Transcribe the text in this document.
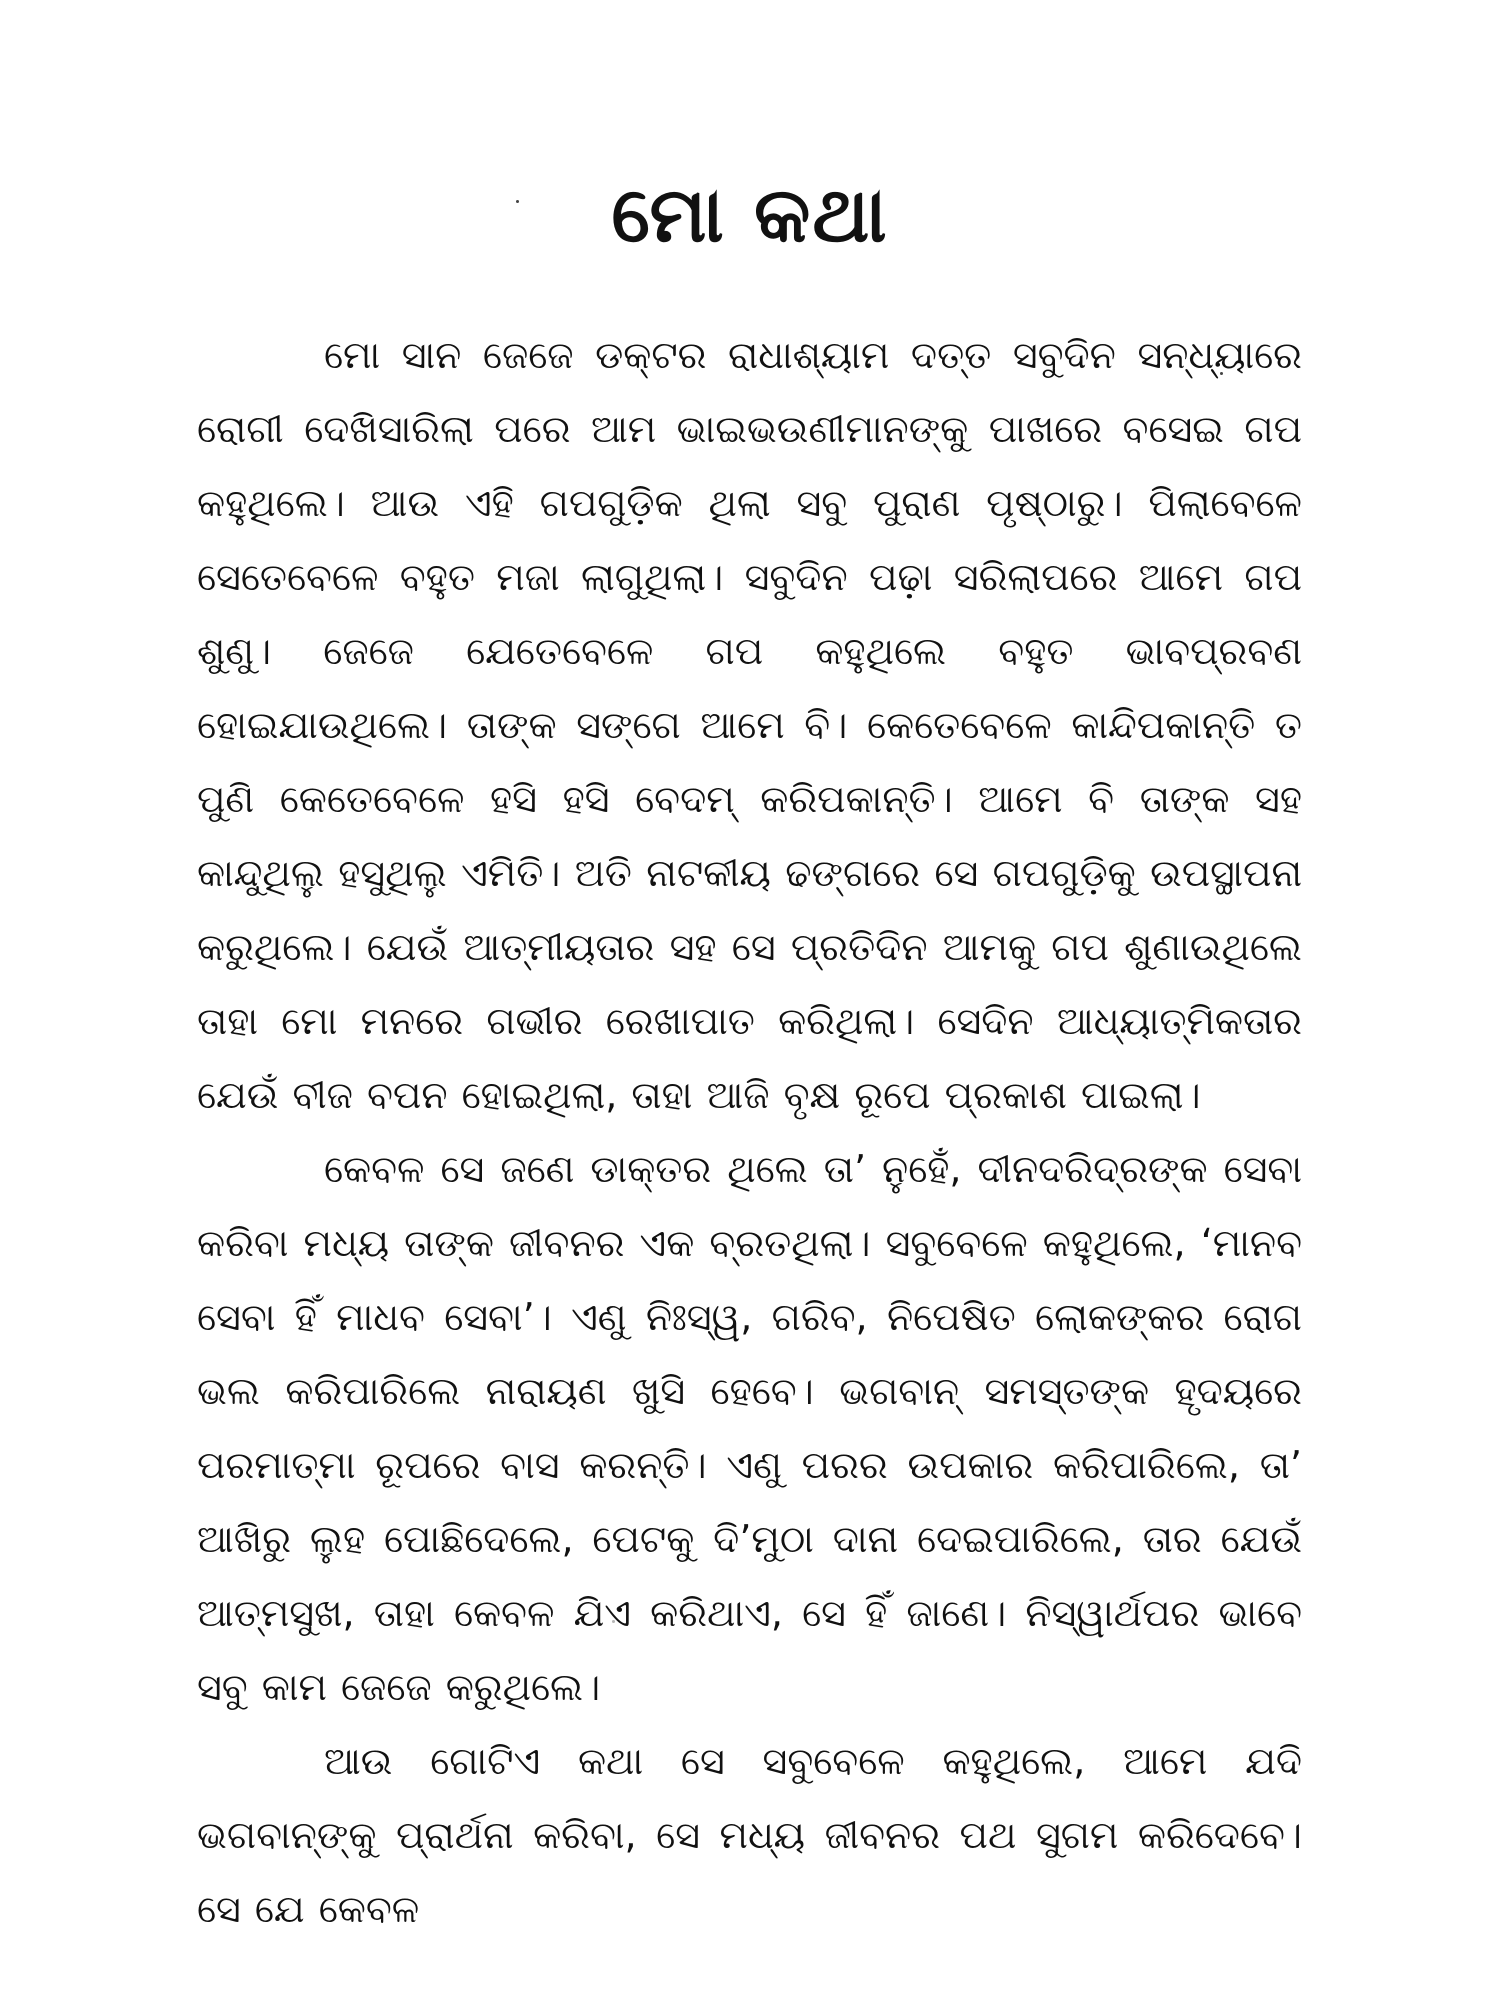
ମୋ କଥା

ମୋ ସାନ ଜେଜେ ଡକ୍ଟର ରାଧାଶ୍ୟାମ ଦତ୍ତ ସବୁଦିନ ସନ୍ଧ୍ୟାରେ ରୋଗୀ ଦେଖିସାରିଲା ପରେ ଆମ ଭାଇଭଉଣୀମାନଙ୍କୁ ପାଖରେ ବସେଇ ଗପ କହୁଥିଲେ। ଆଉ ଏହି ଗପଗୁଡ଼ିକ ଥିଲା ସବୁ ପୁରାଣ ପୃଷ୍ଠାରୁ। ପିଲାବେଳେ ସେତେବେଳେ ବହୁତ ମଜା ଲାଗୁଥିଲା। ସବୁଦିନ ପଢ଼ା ସରିଲାପରେ ଆମେ ଗପ ଶୁଣୁ। ଜେଜେ ଯେତେବେଳେ ଗପ କହୁଥିଲେ ବହୁତ ଭାବପ୍ରବଣ ହୋଇଯାଉଥିଲେ। ତାଙ୍କ ସଙ୍ଗେ ଆମେ ବି। କେତେବେଳେ କାନ୍ଦିପକାନ୍ତି ତ ପୁଣି କେତେବେଳେ ହସି ହସି ବେଦମ୍ କରିପକାନ୍ତି। ଆମେ ବି ତାଙ୍କ ସହ କାନ୍ଦୁଥିଲୁ ହସୁଥିଲୁ ଏମିତି। ଅତି ନାଟକୀୟ ଢଙ୍ଗରେ ସେ ଗପଗୁଡ଼ିକୁ ଉପସ୍ଥାପନା କରୁଥିଲେ। ଯେଉଁ ଆତ୍ମୀୟତାର ସହ ସେ ପ୍ରତିଦିନ ଆମକୁ ଗପ ଶୁଣାଉଥିଲେ ତାହା ମୋ ମନରେ ଗଭୀର ରେଖାପାତ କରିଥିଲା। ସେଦିନ ଆଧ୍ୟାତ୍ମିକତାର ଯେଉଁ ବୀଜ ବପନ ହୋଇଥିଲା, ତାହା ଆଜି ବୃକ୍ଷ ରୂପେ ପ୍ରକାଶ ପାଇଲା।

କେବଳ ସେ ଜଣେ ଡାକ୍ତର ଥିଲେ ତା’ ନୁହେଁ, ଦୀନଦରିଦ୍ରଙ୍କ ସେବା କରିବା ମଧ୍ୟ ତାଙ୍କ ଜୀବନର ଏକ ବ୍ରତଥିଲା। ସବୁବେଳେ କହୁଥିଲେ, ‘ମାନବ ସେବା ହିଁ ମାଧବ ସେବା’। ଏଣୁ ନିଃସ୍ୱ, ଗରିବ, ନିପେଷିତ ଲୋକଙ୍କର ରୋଗ ଭଲ କରିପାରିଲେ ନାରାୟଣ ଖୁସି ହେବେ। ଭଗବାନ୍ ସମସ୍ତଙ୍କ ହୃଦୟରେ ପରମାତ୍ମା ରୂପରେ ବାସ କରନ୍ତି। ଏଣୁ ପରର ଉପକାର କରିପାରିଲେ, ତା’ ଆଖିରୁ ଲୁହ ପୋଛିଦେଲେ, ପେଟକୁ ଦି’ମୁଠା ଦାନା ଦେଇପାରିଲେ, ତାର ଯେଉଁ ଆତ୍ମସୁଖ, ତାହା କେବଳ ଯିଏ କରିଥାଏ, ସେ ହିଁ ଜାଣେ। ନିସ୍ୱାର୍ଥପର ଭାବେ ସବୁ କାମ ଜେଜେ କରୁଥିଲେ।

ଆଉ ଗୋଟିଏ କଥା ସେ ସବୁବେଳେ କହୁଥିଲେ, ଆମେ ଯଦି ଭଗବାନ୍‌ଙ୍କୁ ପ୍ରାର୍ଥନା କରିବା, ସେ ମଧ୍ୟ ଜୀବନର ପଥ ସୁଗମ କରିଦେବେ। ସେ ଯେ କେବଳ
